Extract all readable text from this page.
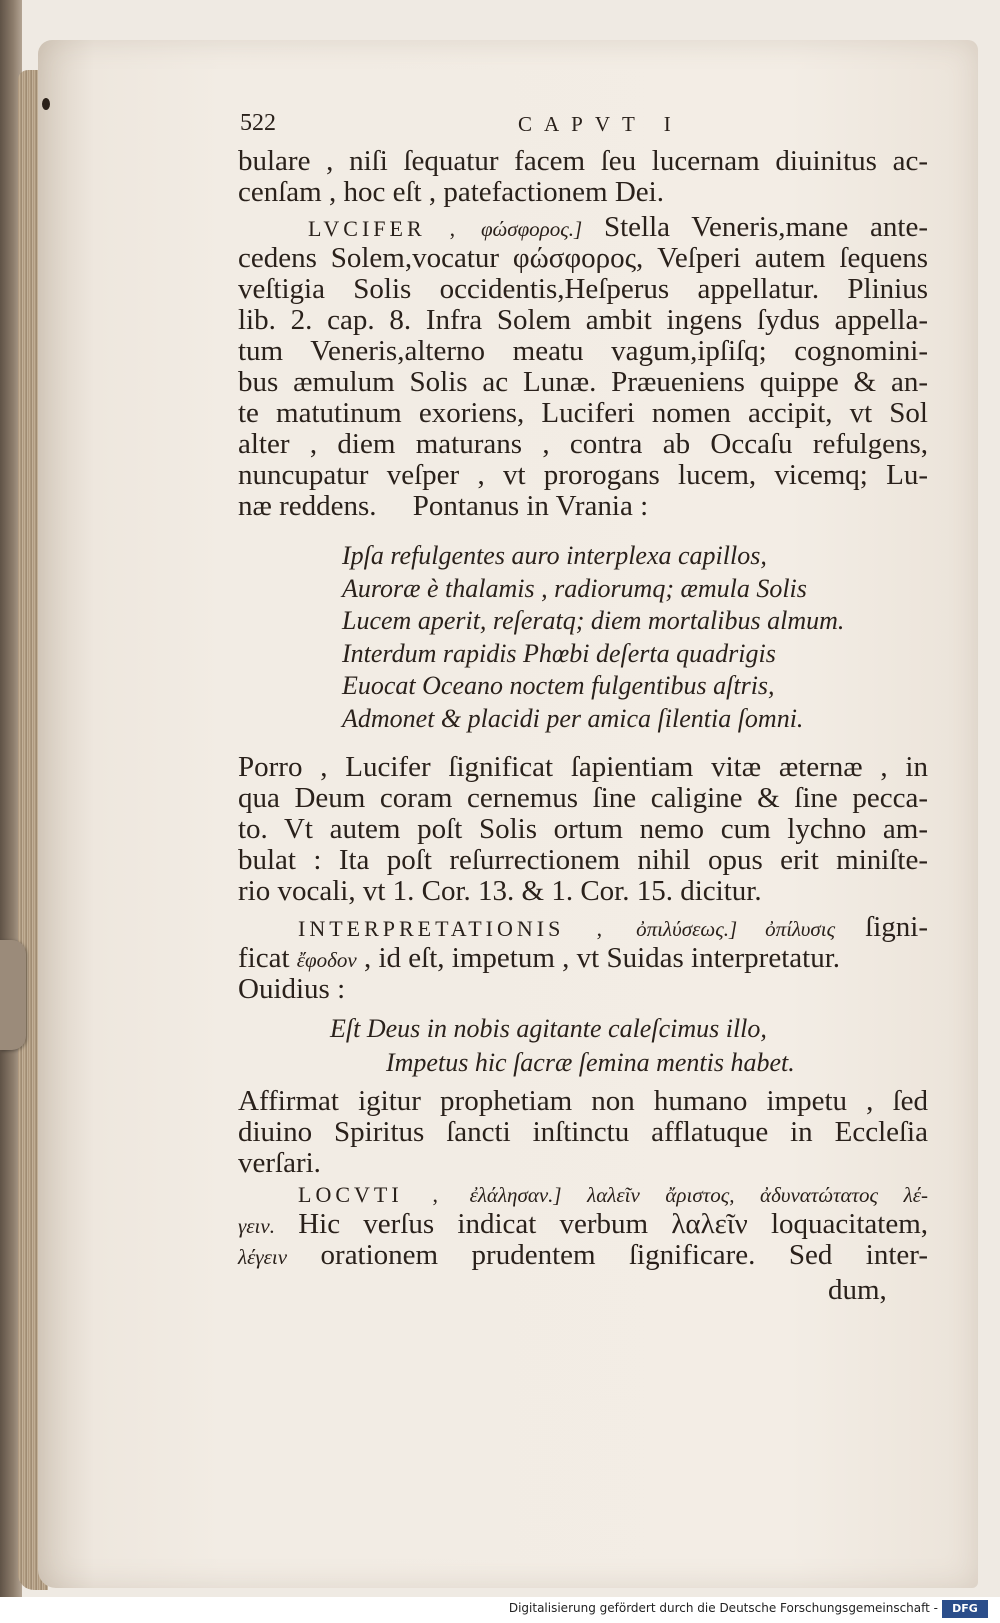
522	CAPVT I
bulare , niſi ſequatur facem ſeu lucernam diuinitus ac-
cenſam , hoc eſt , patefactionem Dei.
LVCIFER , φώσφορος.] Stella Veneris,mane ante-
cedens Solem,vocatur φώσφορος, Veſperi autem ſequens
veſtigia Solis occidentis,Heſperus appellatur. Plinius
lib. 2. cap. 8. Infra Solem ambit ingens ſydus appella-
tum Veneris,alterno meatu vagum,ipſiſq; cognomini-
bus æmulum Solis ac Lunæ. Præueniens quippe & an-
te matutinum exoriens, Luciferi nomen accipit, vt Sol
alter , diem maturans , contra ab Occaſu refulgens,
nuncupatur veſper , vt prorogans lucem, vicemq; Lu-
næ reddens.     Pontanus in Vrania :
Ipſa refulgentes auro interplexa capillos,
Auroræ è thalamis , radiorumq; æmula Solis
Lucem aperit, reſeratq; diem mortalibus almum.
Interdum rapidis Phœbi deſerta quadrigis
Euocat Oceano noctem fulgentibus aſtris,
Admonet & placidi per amica ſilentia ſomni.
Porro , Lucifer ſignificat ſapientiam vitæ æternæ , in
qua Deum coram cernemus ſine caligine & ſine pecca-
to. Vt autem poſt Solis ortum nemo cum lychno am-
bulat : Ita poſt reſurrectionem nihil opus erit miniſte-
rio vocali, vt 1. Cor. 13. & 1. Cor. 15. dicitur.
INTERPRETATIONIS , ὀπιλύσεως.] ὀπίλυσις ſigni-
ficat ἔφοδον , id eſt, impetum , vt Suidas interpretatur.
Ouidius :
Eſt Deus in nobis agitante caleſcimus illo,
Impetus hic ſacræ ſemina mentis habet.
Affirmat igitur prophetiam non humano impetu , ſed
diuino Spiritus ſancti inſtinctu afflatuque in Eccleſia
verſari.
LOCVTI , ἐλάλησαν.] λαλεῖν ἄριστος, ἀδυνατώτατος λέ-
γειν. Hic verſus indicat verbum λαλεῖν loquacitatem,
λέγειν orationem prudentem ſignificare. Sed inter-
dum,
Digitalisierung gefördert durch die Deutsche Forschungsgemeinschaft -	DFG
